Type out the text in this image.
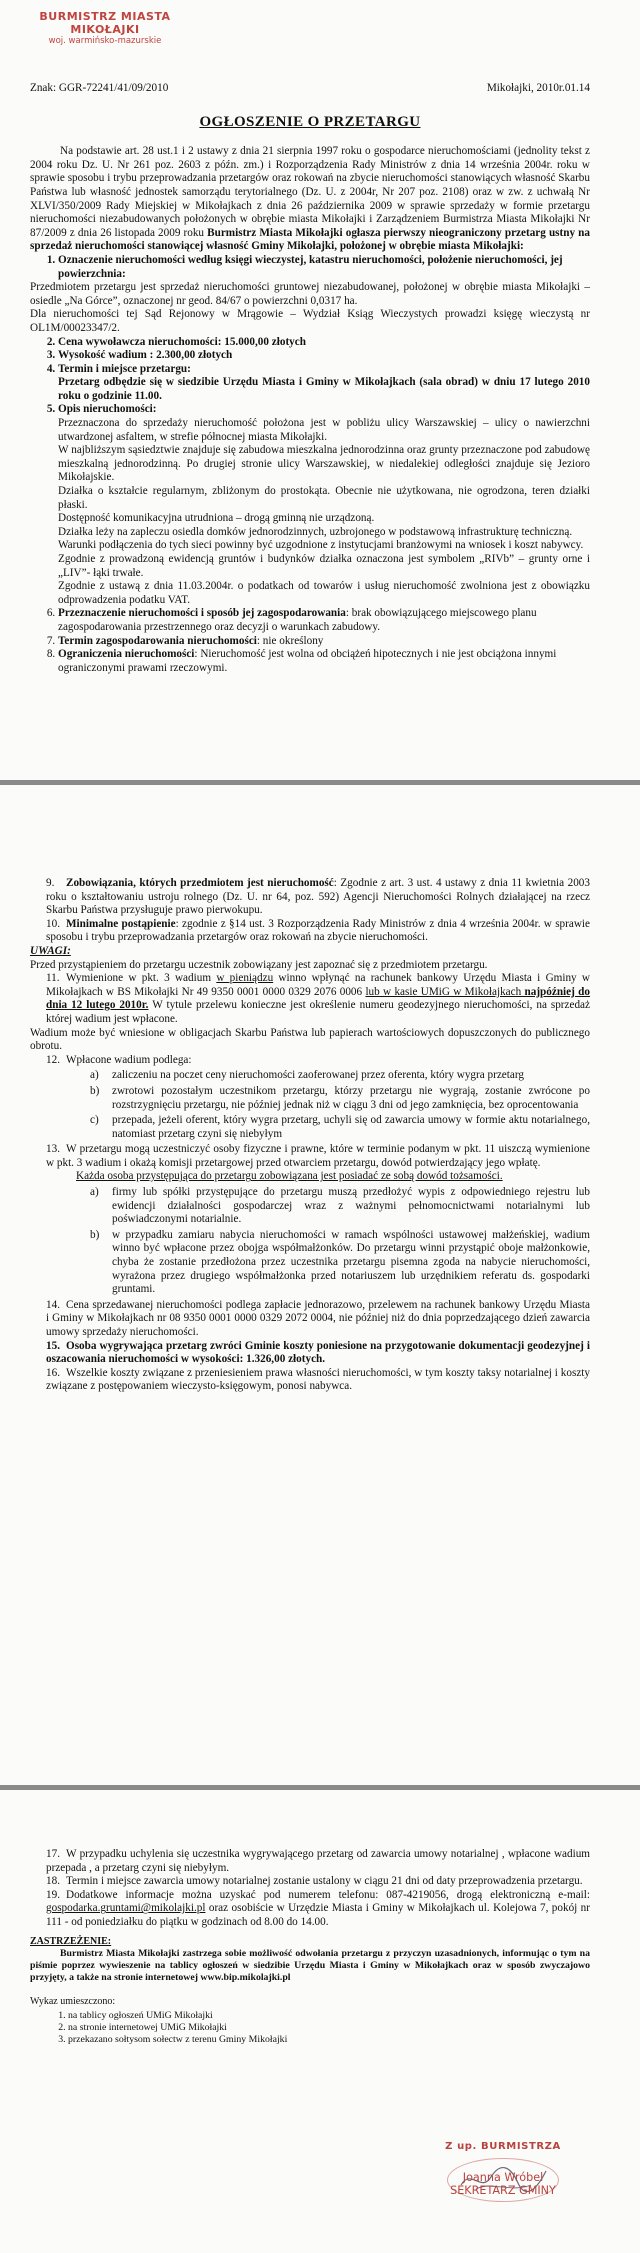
BURMISTRZ MIASTA MIKOŁAJKI
woj. warmińsko-mazurskie
Znak: GGR-72241/41/09/2010	Mikołajki, 2010r.01.14
OGŁOSZENIE O PRZETARGU

Na podstawie art. 28 ust.1 i 2 ustawy z dnia 21 sierpnia 1997 roku o gospodarce nieruchomościami (jednolity tekst z 2004 roku Dz. U. Nr 261 poz. 2603 z późn. zm.) i Rozporządzenia Rady Ministrów z dnia 14 września 2004r. roku w sprawie sposobu i trybu przeprowadzania przetargów oraz rokowań na zbycie nieruchomości stanowiących własność Skarbu Państwa lub własność jednostek samorządu terytorialnego (Dz. U. z 2004r, Nr 207 poz. 2108) oraz w zw. z uchwałą Nr XLVI/350/2009 Rady Miejskiej w Mikołajkach z dnia 26 października 2009 w sprawie sprzedaży w formie przetargu nieruchomości niezabudowanych położonych w obrębie miasta Mikołajki i Zarządzeniem Burmistrza Miasta Mikołajki Nr 87/2009 z dnia 26 listopada 2009 roku Burmistrz Miasta Mikołajki ogłasza pierwszy nieograniczony przetarg ustny na sprzedaż nieruchomości stanowiącej własność Gminy Mikołajki, położonej w obrębie miasta Mikołajki:

1. Oznaczenie nieruchomości według księgi wieczystej, katastru nieruchomości, położenie nieruchomości, jej powierzchnia:

Przedmiotem przetargu jest sprzedaż nieruchomości gruntowej niezabudowanej, położonej w obrębie miasta Mikołajki – osiedle „Na Górce”, oznaczonej nr geod. 84/67 o powierzchni 0,0317 ha.

Dla nieruchomości tej Sąd Rejonowy w Mrągowie – Wydział Ksiąg Wieczystych prowadzi księgę wieczystą nr OL1M/00023347/2.

2. Cena wywoławcza nieruchomości: 15.000,00 złotych
3. Wysokość wadium : 2.300,00 złotych
4. Termin i miejsce przetargu:

Przetarg odbędzie się w siedzibie Urzędu Miasta i Gminy w Mikołajkach (sala obrad) w dniu 17 lutego 2010 roku o godzinie 11.00.

5. Opis nieruchomości:

Przeznaczona do sprzedaży nieruchomość położona jest w pobliżu ulicy Warszawskiej – ulicy o nawierzchni utwardzonej asfaltem, w strefie północnej miasta Mikołajki.

W najbliższym sąsiedztwie znajduje się zabudowa mieszkalna jednorodzinna oraz grunty przeznaczone pod zabudowę mieszkalną jednorodzinną. Po drugiej stronie ulicy Warszawskiej, w niedalekiej odległości znajduje się Jezioro Mikołajskie.

Działka o kształcie regularnym, zbliżonym do prostokąta. Obecnie nie użytkowana, nie ogrodzona, teren działki płaski.

Dostępność komunikacyjna utrudniona – drogą gminną nie urządzoną.

Działka leży na zapleczu osiedla domków jednorodzinnych, uzbrojonego w podstawową infrastrukturę techniczną.

Warunki podłączenia do tych sieci powinny być uzgodnione z instytucjami branżowymi na wniosek i koszt nabywcy.

Zgodnie z prowadzoną ewidencją gruntów i budynków działka oznaczona jest symbolem „RIVb” – grunty orne i „LIV”- łąki trwałe.

Zgodnie z ustawą z dnia 11.03.2004r. o podatkach od towarów i usług nieruchomość zwolniona jest z obowiązku odprowadzenia podatku VAT.

6. Przeznaczenie nieruchomości i sposób jej zagospodarowania: brak obowiązującego miejscowego planu zagospodarowania przestrzennego oraz decyzji o warunkach zabudowy.
7. Termin zagospodarowania nieruchomości: nie określony
8. Ograniczenia nieruchomości: Nieruchomość jest wolna od obciążeń hipotecznych i nie jest obciążona innymi ograniczonymi prawami rzeczowymi.

9. Zobowiązania, których przedmiotem jest nieruchomość: Zgodnie z art. 3 ust. 4 ustawy z dnia 11 kwietnia 2003 roku o kształtowaniu ustroju rolnego (Dz. U. nr 64, poz. 592) Agencji Nieruchomości Rolnych działającej na rzecz Skarbu Państwa przysługuje prawo pierwokupu.

10. Minimalne postąpienie: zgodnie z §14 ust. 3 Rozporządzenia Rady Ministrów z dnia 4 września 2004r. w sprawie sposobu i trybu przeprowadzania przetargów oraz rokowań na zbycie nieruchomości.

UWAGI:

Przed przystąpieniem do przetargu uczestnik zobowiązany jest zapoznać się z przedmiotem przetargu.

11. Wymienione w pkt. 3 wadium w pieniądzu winno wpłynąć na rachunek bankowy Urzędu Miasta i Gminy w Mikołajkach w BS Mikołajki Nr 49 9350 0001 0000 0329 2076 0006 lub w kasie UMiG w Mikołajkach najpóźniej do dnia 12 lutego 2010r. W tytule przelewu konieczne jest określenie numeru geodezyjnego nieruchomości, na sprzedaż której wadium jest wpłacone.

Wadium może być wniesione w obligacjach Skarbu Państwa lub papierach wartościowych dopuszczonych do publicznego obrotu.

12. Wpłacone wadium podlega:

a)	zaliczeniu na poczet ceny nieruchomości zaoferowanej przez oferenta, który wygra przetarg
b)	zwrotowi pozostałym uczestnikom przetargu, którzy przetargu nie wygrają, zostanie zwrócone po rozstrzygnięciu przetargu, nie później jednak niż w ciągu 3 dni od jego zamknięcia, bez oprocentowania
c)	przepada, jeżeli oferent, który wygra przetarg, uchyli się od zawarcia umowy w formie aktu notarialnego, natomiast przetarg czyni się niebyłym

13. W przetargu mogą uczestniczyć osoby fizyczne i prawne, które w terminie podanym w pkt. 11 uiszczą wymienione w pkt. 3 wadium i okażą komisji przetargowej przed otwarciem przetargu, dowód potwierdzający jego wpłatę.

Każda osoba przystępująca do przetargu zobowiązana jest posiadać ze sobą dowód tożsamości.

a)	firmy lub spółki przystępujące do przetargu muszą przedłożyć wypis z odpowiedniego rejestru lub ewidencji działalności gospodarczej wraz z ważnymi pełnomocnictwami notarialnymi lub poświadczonymi notarialnie.
b)	w przypadku zamiaru nabycia nieruchomości w ramach wspólności ustawowej małżeńskiej, wadium winno być wpłacone przez obojga współmałżonków. Do przetargu winni przystąpić oboje małżonkowie, chyba że zostanie przedłożona przez uczestnika przetargu pisemna zgoda na nabycie nieruchomości, wyrażona przez drugiego współmałżonka przed notariuszem lub urzędnikiem referatu ds. gospodarki gruntami.

14. Cena sprzedawanej nieruchomości podlega zapłacie jednorazowo, przelewem na rachunek bankowy Urzędu Miasta i Gminy w Mikołajkach nr 08 9350 0001 0000 0329 2072 0004, nie później niż do dnia poprzedzającego dzień zawarcia umowy sprzedaży nieruchomości.

15. Osoba wygrywająca przetarg zwróci Gminie koszty poniesione na przygotowanie dokumentacji geodezyjnej i oszacowania nieruchomości w wysokości: 1.326,00 złotych.

16. Wszelkie koszty związane z przeniesieniem prawa własności nieruchomości, w tym koszty taksy notarialnej i koszty związane z postępowaniem wieczysto-księgowym, ponosi nabywca.

17. W przypadku uchylenia się uczestnika wygrywającego przetarg od zawarcia umowy notarialnej , wpłacone wadium przepada , a przetarg czyni się niebyłym.

18. Termin i miejsce zawarcia umowy notarialnej zostanie ustalony w ciągu 21 dni od daty przeprowadzenia przetargu.

19. Dodatkowe informacje można uzyskać pod numerem telefonu: 087-4219056, drogą elektroniczną e-mail: gospodarka.gruntami@mikolajki.pl oraz osobiście w Urzędzie Miasta i Gminy w Mikołajkach ul. Kolejowa 7, pokój nr 111 - od poniedziałku do piątku w godzinach od 8.00 do 14.00.

ZASTRZEŻENIE:

Burmistrz Miasta Mikołajki zastrzega sobie możliwość odwołania przetargu z przyczyn uzasadnionych, informując o tym na piśmie poprzez wywieszenie na tablicy ogłoszeń w siedzibie Urzędu Miasta i Gminy w Mikołajkach oraz w sposób zwyczajowo przyjęty, a także na stronie internetowej www.bip.mikolajki.pl

Wykaz umieszczono:
1. na tablicy ogłoszeń UMiG Mikołajki
2. na stronie internetowej UMiG Mikołajki
3. przekazano sołtysom sołectw z terenu Gminy Mikołajki
Z up. BURMISTRZA
Joanna Wróbel
SEKRETARZ GMINY
